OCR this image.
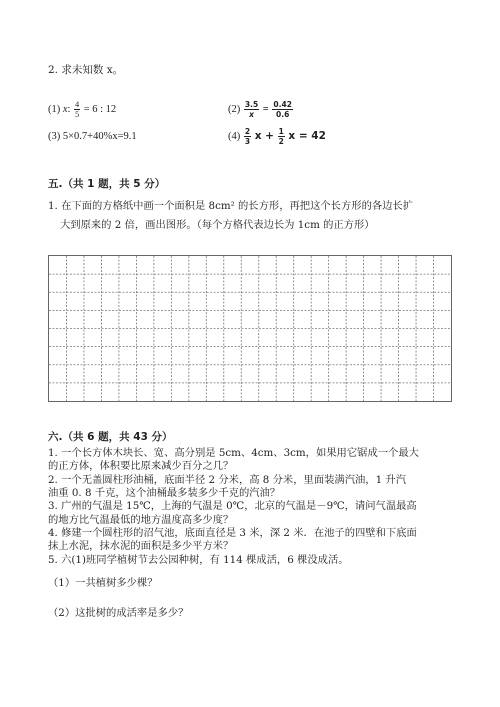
2. 求未知数 x。
(1) x: $\frac{4}{5} = 6$ : 12	$(2) \frac{3.5}{x} = \frac{0.42}{0.6}$
(3) 5×0.7+40%x=9.1	$(4) \frac{2}{3}$ $x + \frac{1}{2}$ x = 42
五.（共 1 题，共 5 分）
1. 在下面的方格纸中画一个面积是 8cm² 的长方形，再把这个长方形的各边长扩
大到原来的 2 倍，画出图形。（每个方格代表边长为 1cm 的正方形）
六.（共 6 题，共 43 分）
1. 一个长方体木块长、宽、高分别是 5cm、4cm、3cm，如果用它锯成一个最大
的正方体，体积要比原来减少百分之几？
2. 一个无盖圆柱形油桶，底面半径 2 分米，高 8 分米，里面装满汽油，1 升汽
油重 0. 8 千克，这个油桶最多装多少千克的汽油？
3. 广州的气温是 15℃，上海的气温是 0℃，北京的气温是－9℃，请问气温最高
的地方比气温最低的地方温度高多少度？
4. 修建一个圆柱形的沼气池，底面直径是 3 米，深 2 米．在池子的四壁和下底面
抹上水泥，抹水泥的面积是多少平方米？
5. 六(1)班同学植树节去公园种树，有 114 棵成活，6 棵没成活。
（1）一共植树多少棵？
（2）这批树的成活率是多少？
